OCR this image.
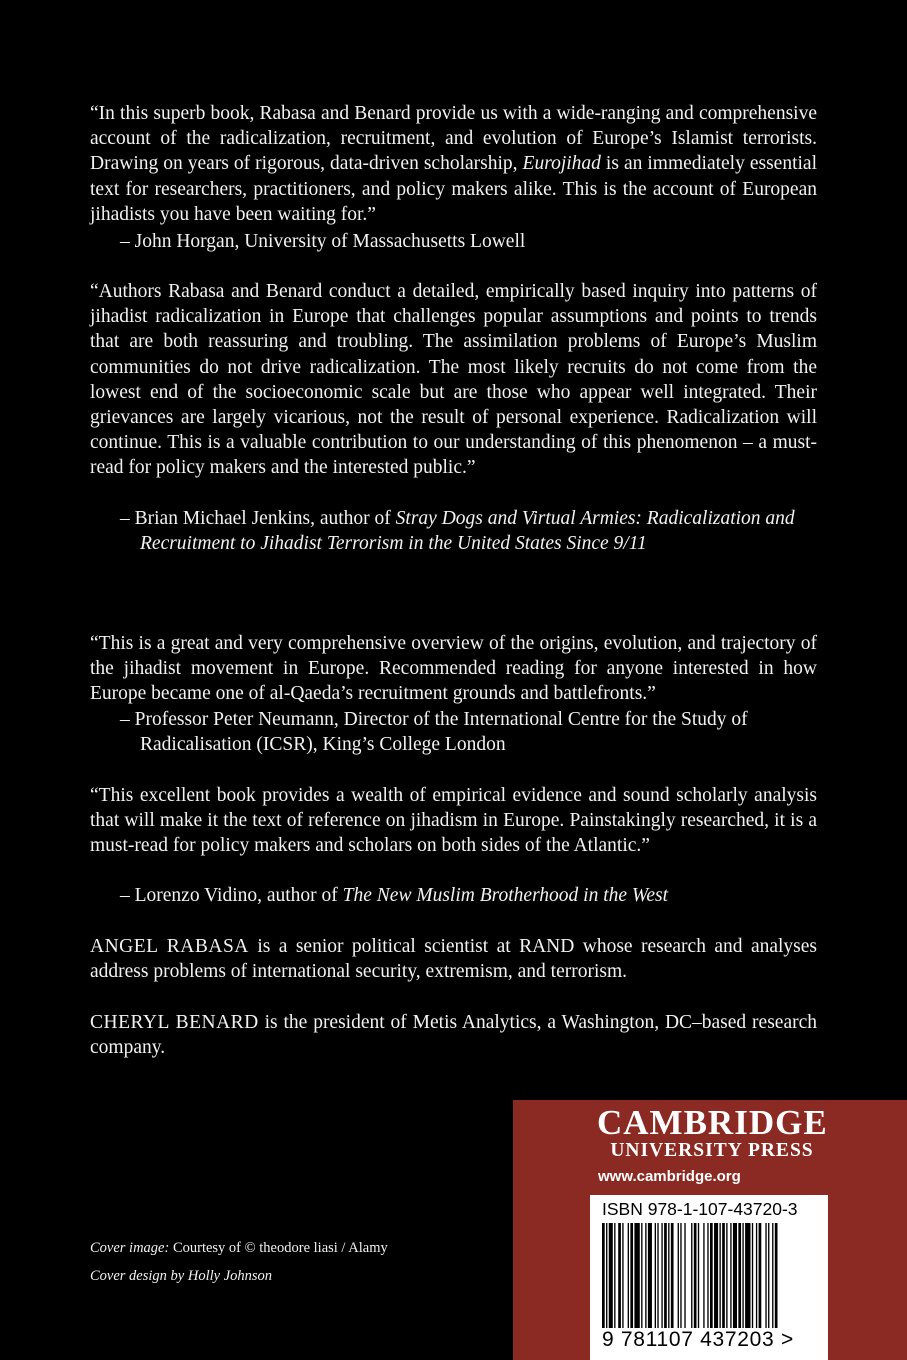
“In this superb book, Rabasa and Benard provide us with a wide-ranging and comprehensive account of the radicalization, recruitment, and evolution of Europe’s Islamist terrorists. Drawing on years of rigorous, data-driven scholarship, Eurojihad is an immediately essential text for researchers, practitioners, and policy makers alike. This is the account of European jihadists you have been waiting for.”
– John Horgan, University of Massachusetts Lowell
“Authors Rabasa and Benard conduct a detailed, empirically based inquiry into patterns of jihadist radicalization in Europe that challenges popular assumptions and points to trends that are both reassuring and troubling. The assimilation problems of Europe’s Muslim communities do not drive radicalization. The most likely recruits do not come from the lowest end of the socioeconomic scale but are those who appear well integrated. Their grievances are largely vicarious, not the result of personal experience. Radicalization will continue. This is a valuable contribution to our understanding of this phenomenon – a must-read for policy makers and the interested public.”
– Brian Michael Jenkins, author of Stray Dogs and Virtual Armies: Radicalization and Recruitment to Jihadist Terrorism in the United States Since 9/11
“This is a great and very comprehensive overview of the origins, evolution, and trajectory of the jihadist movement in Europe. Recommended reading for anyone interested in how Europe became one of al-Qaeda’s recruitment grounds and battlefronts.”
– Professor Peter Neumann, Director of the International Centre for the Study of Radicalisation (ICSR), King’s College London
“This excellent book provides a wealth of empirical evidence and sound scholarly analysis that will make it the text of reference on jihadism in Europe. Painstakingly researched, it is a must-read for policy makers and scholars on both sides of the Atlantic.”
– Lorenzo Vidino, author of The New Muslim Brotherhood in the West
ANGEL RABASA is a senior political scientist at RAND whose research and analyses address problems of international security, extremism, and terrorism.
CHERYL BENARD is the president of Metis Analytics, a Washington, DC–based research company.
Cover image: Courtesy of © theodore liasi / Alamy
Cover design by Holly Johnson
CAMBRIDGE
UNIVERSITY PRESS
www.cambridge.org
ISBN 978-1-107-43720-3
9 781107 437203 >
